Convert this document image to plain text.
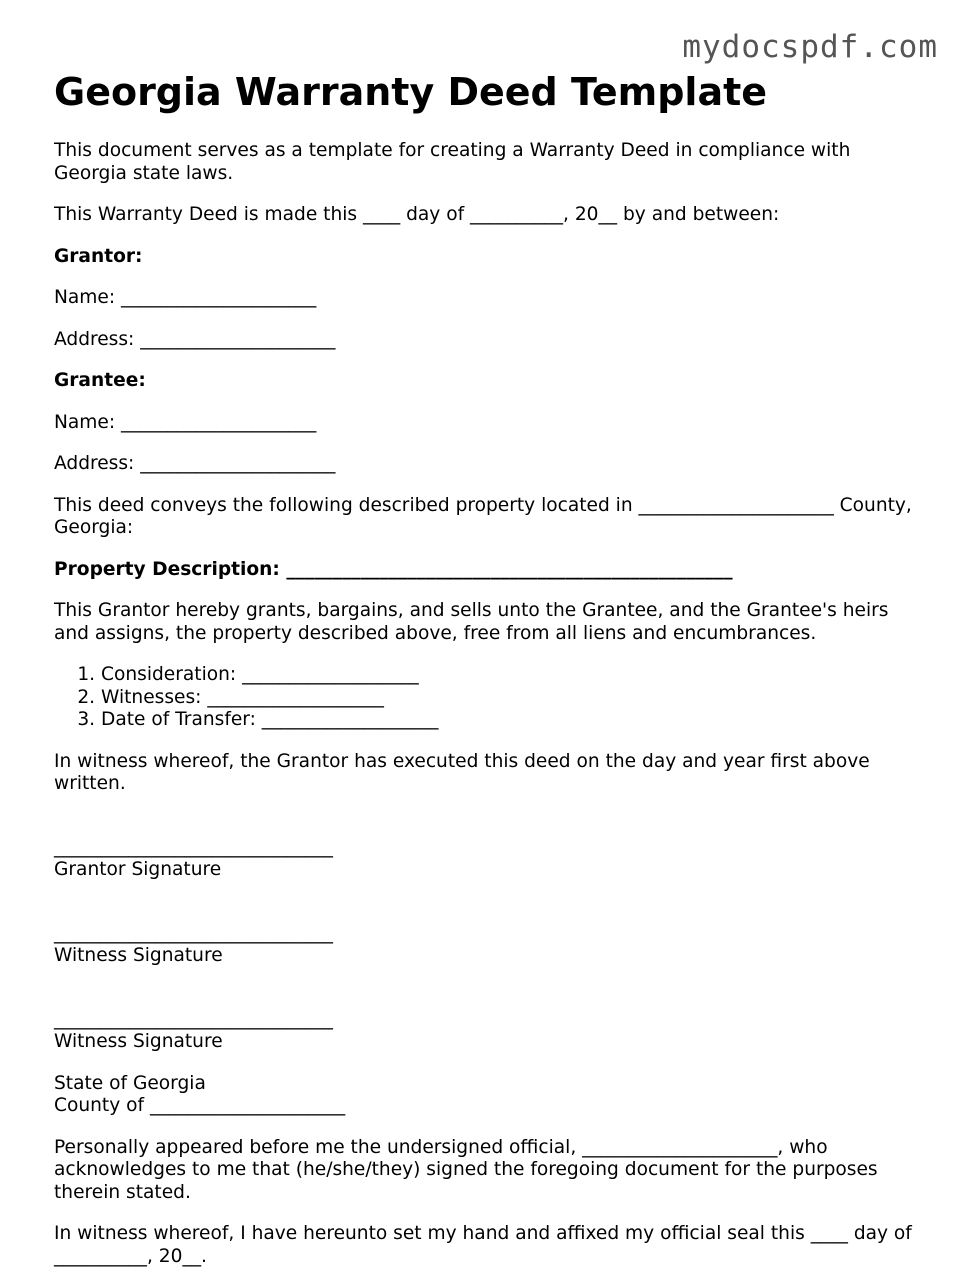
mydocspdf.com
Georgia Warranty Deed Template

This document serves as a template for creating a Warranty Deed in compliance with Georgia state laws.

This Warranty Deed is made this ____ day of __________, 20__ by and between:

Grantor:

Name: _____________________

Address: _____________________

Grantee:

Name: _____________________

Address: _____________________

This deed conveys the following described property located in _____________________ County, Georgia:

Property Description: ________________________________________________

This Grantor hereby grants, bargains, and sells unto the Grantee, and the Grantee's heirs and assigns, the property described above, free from all liens and encumbrances.

1. Consideration: ___________________
2. Witnesses: ___________________
3. Date of Transfer: ___________________

In witness whereof, the Grantor has executed this deed on the day and year first above written.

______________________________
Grantor Signature
______________________________
Witness Signature
______________________________
Witness Signature
State of Georgia
County of _____________________

Personally appeared before me the undersigned official, _____________________, who acknowledges to me that (he/she/they) signed the foregoing document for the purposes therein stated.

In witness whereof, I have hereunto set my hand and affixed my official seal this ____ day of __________, 20__.
